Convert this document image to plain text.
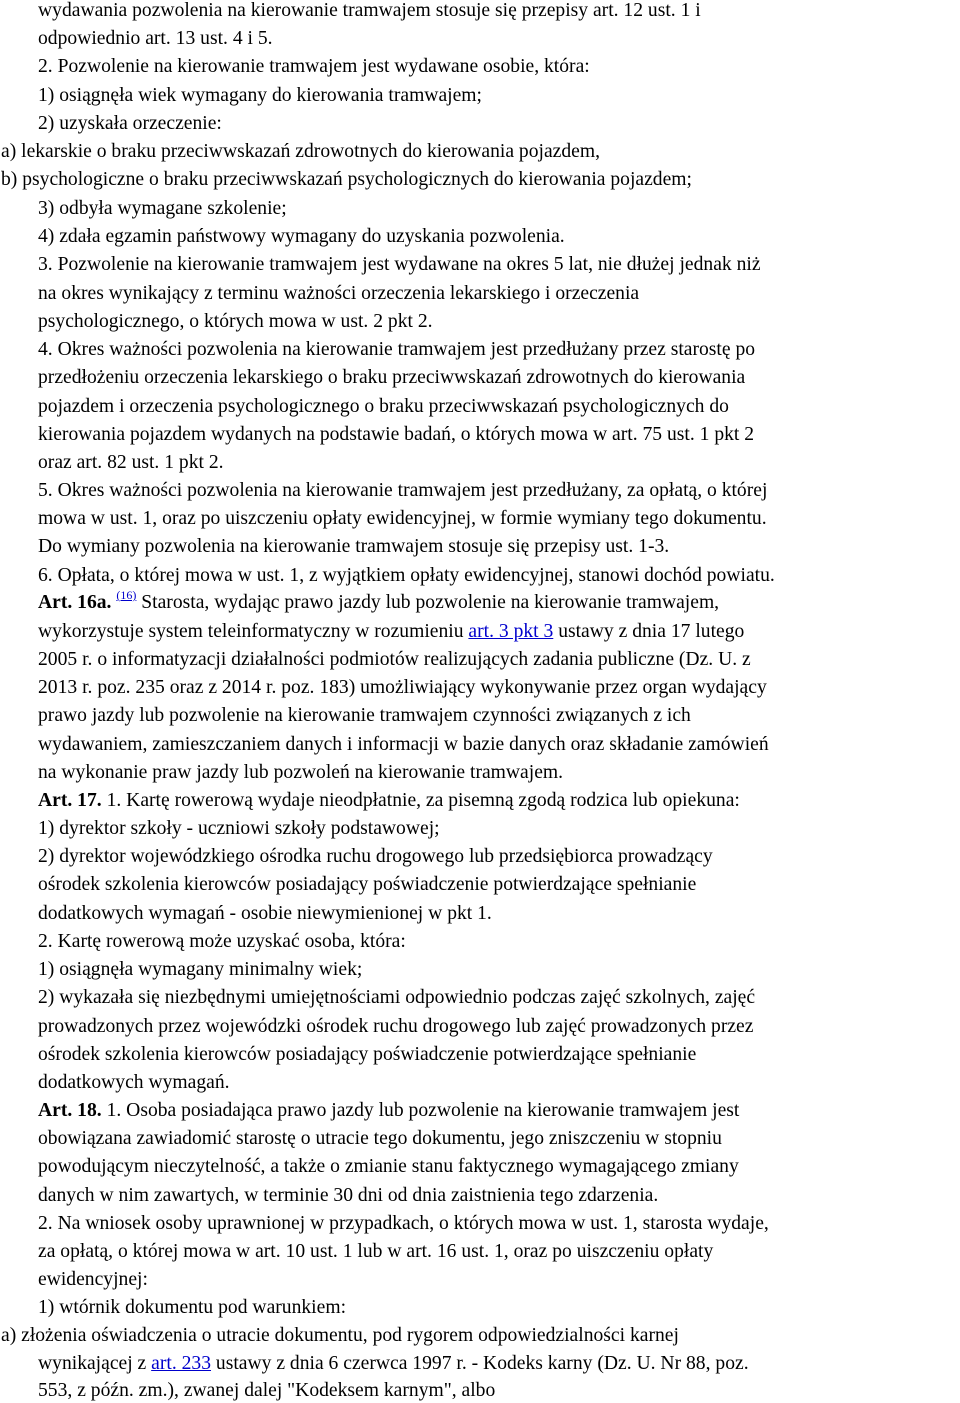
wydawania pozwolenia na kierowanie tramwajem stosuje się przepisy art. 12 ust. 1 i
odpowiednio art. 13 ust. 4 i 5.
2. Pozwolenie na kierowanie tramwajem jest wydawane osobie, która:
1) osiągnęła wiek wymagany do kierowania tramwajem;
2) uzyskała orzeczenie:
a) lekarskie o braku przeciwwskazań zdrowotnych do kierowania pojazdem,
b) psychologiczne o braku przeciwwskazań psychologicznych do kierowania pojazdem;
3) odbyła wymagane szkolenie;
4) zdała egzamin państwowy wymagany do uzyskania pozwolenia.
3. Pozwolenie na kierowanie tramwajem jest wydawane na okres 5 lat, nie dłużej jednak niż
na okres wynikający z terminu ważności orzeczenia lekarskiego i orzeczenia
psychologicznego, o których mowa w ust. 2 pkt 2.
4. Okres ważności pozwolenia na kierowanie tramwajem jest przedłużany przez starostę po
przedłożeniu orzeczenia lekarskiego o braku przeciwwskazań zdrowotnych do kierowania
pojazdem i orzeczenia psychologicznego o braku przeciwwskazań psychologicznych do
kierowania pojazdem wydanych na podstawie badań, o których mowa w art. 75 ust. 1 pkt 2
oraz art. 82 ust. 1 pkt 2.
5. Okres ważności pozwolenia na kierowanie tramwajem jest przedłużany, za opłatą, o której
mowa w ust. 1, oraz po uiszczeniu opłaty ewidencyjnej, w formie wymiany tego dokumentu.
Do wymiany pozwolenia na kierowanie tramwajem stosuje się przepisy ust. 1-3.
6. Opłata, o której mowa w ust. 1, z wyjątkiem opłaty ewidencyjnej, stanowi dochód powiatu.
Art. 16a. $^{(16)}$ Starosta, wydając prawo jazdy lub pozwolenie na kierowanie tramwajem,
wykorzystuje system teleinformatyczny w rozumieniu art. 3 pkt 3 ustawy z dnia 17 lutego
2005 r. o informatyzacji działalności podmiotów realizujących zadania publiczne (Dz. U. z
2013 r. poz. 235 oraz z 2014 r. poz. 183) umożliwiający wykonywanie przez organ wydający
prawo jazdy lub pozwolenie na kierowanie tramwajem czynności związanych z ich
wydawaniem, zamieszczaniem danych i informacji w bazie danych oraz składanie zamówień
na wykonanie praw jazdy lub pozwoleń na kierowanie tramwajem.
Art. 17. 1. Kartę rowerową wydaje nieodpłatnie, za pisemną zgodą rodzica lub opiekuna:
1) dyrektor szkoły - uczniowi szkoły podstawowej;
2) dyrektor wojewódzkiego ośrodka ruchu drogowego lub przedsiębiorca prowadzący
ośrodek szkolenia kierowców posiadający poświadczenie potwierdzające spełnianie
dodatkowych wymagań - osobie niewymienionej w pkt 1.
2. Kartę rowerową może uzyskać osoba, która:
1) osiągnęła wymagany minimalny wiek;
2) wykazała się niezbędnymi umiejętnościami odpowiednio podczas zajęć szkolnych, zajęć
prowadzonych przez wojewódzki ośrodek ruchu drogowego lub zajęć prowadzonych przez
ośrodek szkolenia kierowców posiadający poświadczenie potwierdzające spełnianie
dodatkowych wymagań.
Art. 18. 1. Osoba posiadająca prawo jazdy lub pozwolenie na kierowanie tramwajem jest
obowiązana zawiadomić starostę o utracie tego dokumentu, jego zniszczeniu w stopniu
powodującym nieczytelność, a także o zmianie stanu faktycznego wymagającego zmiany
danych w nim zawartych, w terminie 30 dni od dnia zaistnienia tego zdarzenia.
2. Na wniosek osoby uprawnionej w przypadkach, o których mowa w ust. 1, starosta wydaje,
za opłatą, o której mowa w art. 10 ust. 1 lub w art. 16 ust. 1, oraz po uiszczeniu opłaty
ewidencyjnej:
1) wtórnik dokumentu pod warunkiem:
a) złożenia oświadczenia o utracie dokumentu, pod rygorem odpowiedzialności karnej
wynikającej z art. 233 ustawy z dnia 6 czerwca 1997 r. - Kodeks karny (Dz. U. Nr 88, poz.
553, z późn. zm.), zwanej dalej "Kodeksem karnym", albo
